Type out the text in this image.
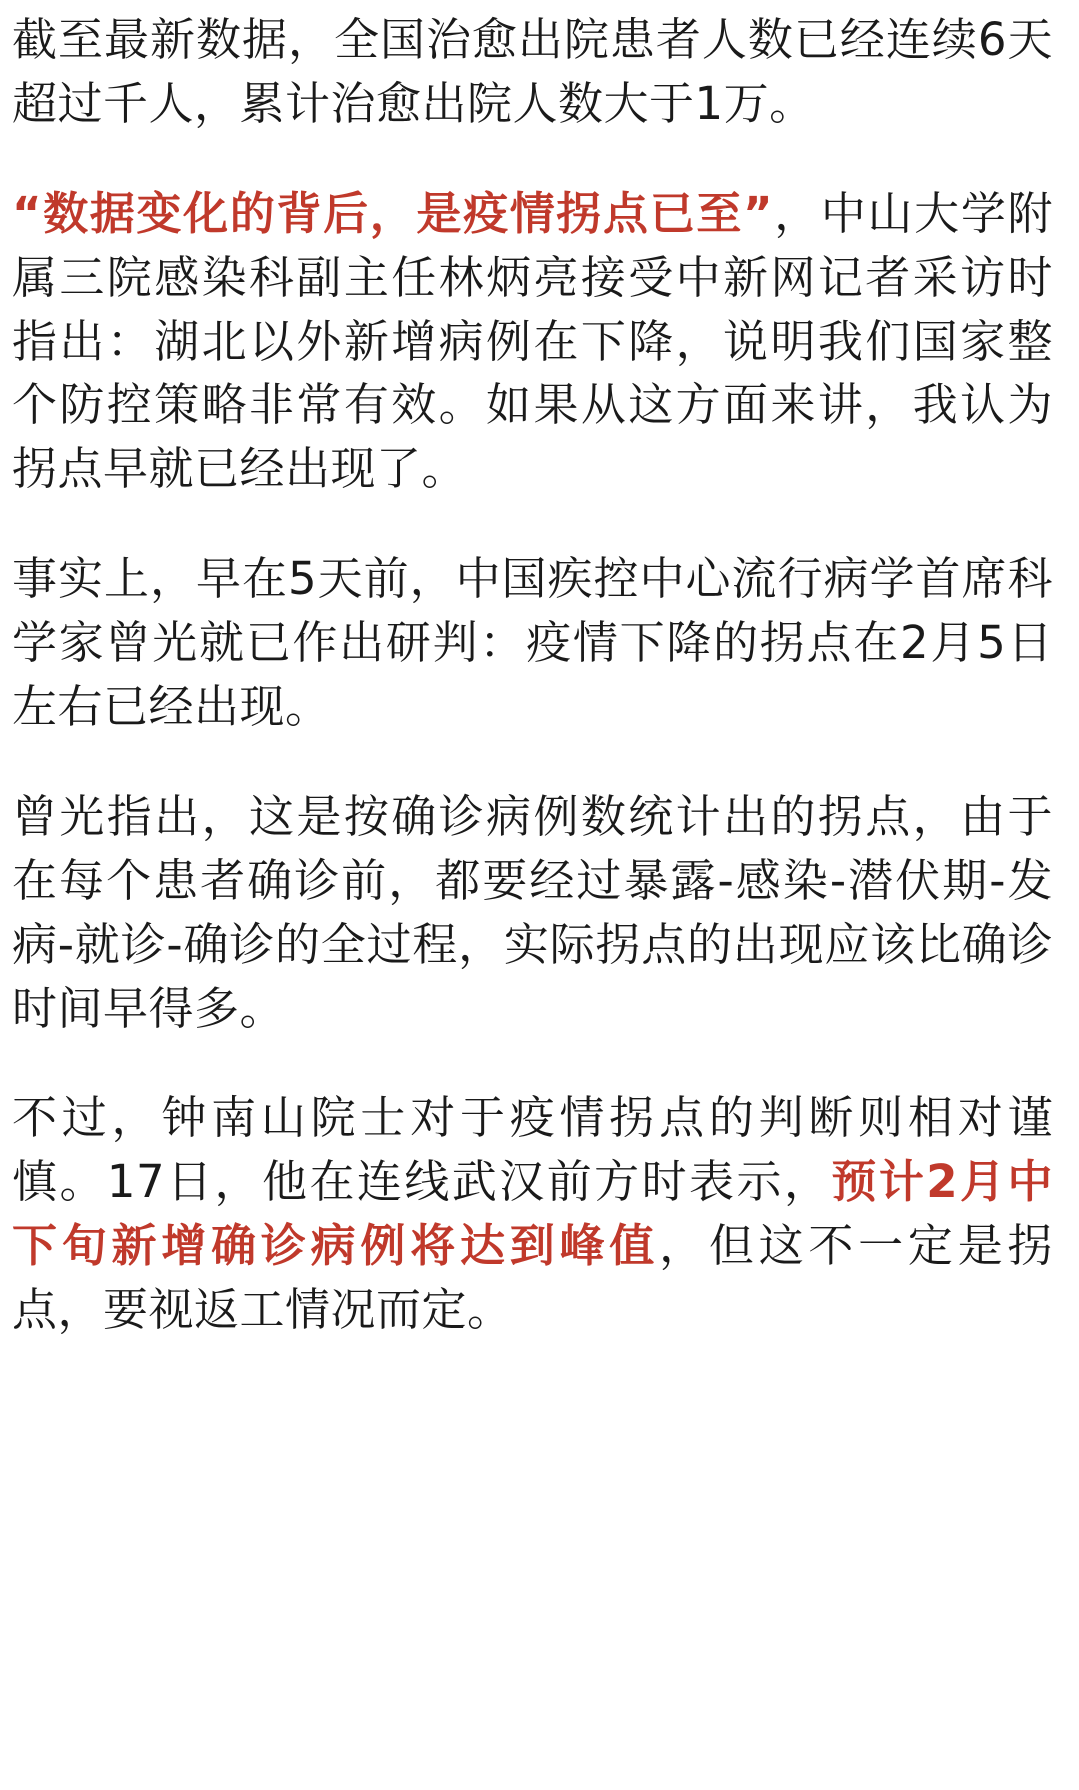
截至最新数据，全国治愈出院患者人数已经连续6天超过千人，累计治愈出院人数大于1万。

“数据变化的背后，是疫情拐点已至”，中山大学附属三院感染科副主任林炳亮接受中新网记者采访时指出：湖北以外新增病例在下降，说明我们国家整个防控策略非常有效。如果从这方面来讲，我认为拐点早就已经出现了。

事实上，早在5天前，中国疾控中心流行病学首席科学家曾光就已作出研判：疫情下降的拐点在2月5日左右已经出现。

曾光指出，这是按确诊病例数统计出的拐点，由于在每个患者确诊前，都要经过暴露-感染-潜伏期-发病-就诊-确诊的全过程，实际拐点的出现应该比确诊时间早得多。

不过，钟南山院士对于疫情拐点的判断则相对谨慎。17日，他在连线武汉前方时表示，预计2月中下旬新增确诊病例将达到峰值，但这不一定是拐点，要视返工情况而定。
